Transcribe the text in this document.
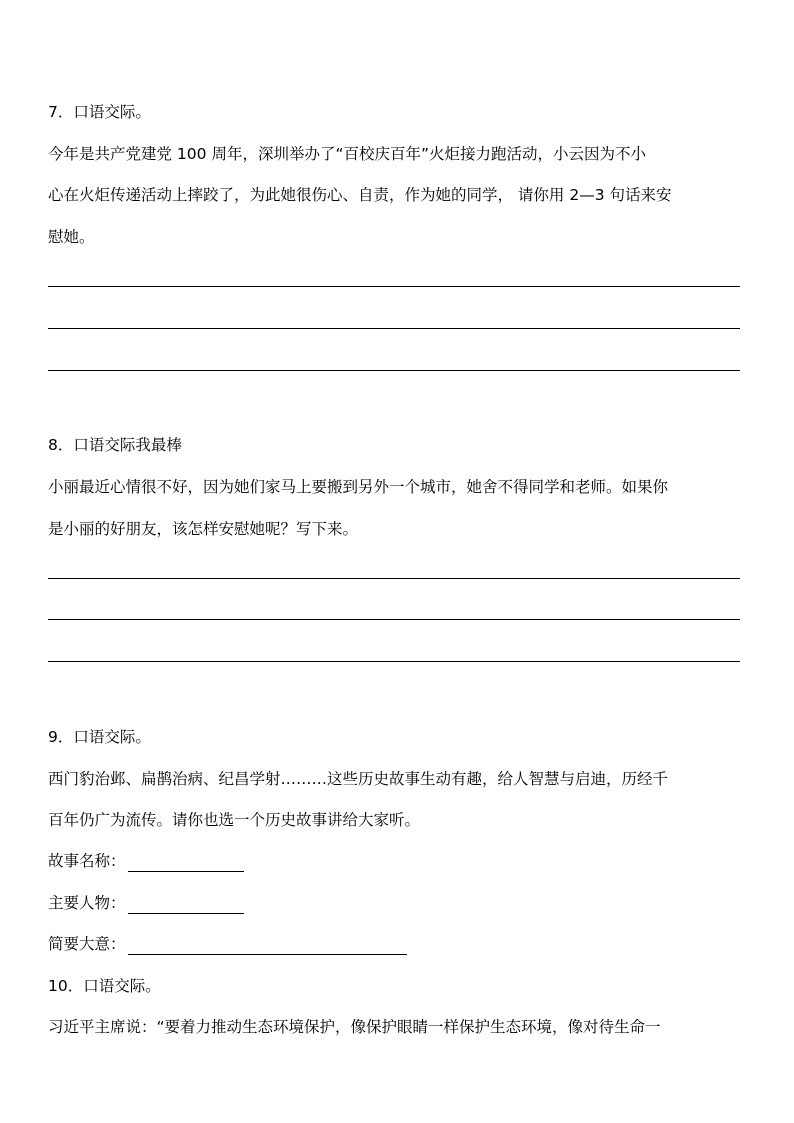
7．口语交际。
今年是共产党建党 100 周年，深圳举办了“百校庆百年”火炬接力跑活动，小云因为不小
心在火炬传递活动上摔跤了，为此她很伤心、自责，作为她的同学， 请你用 2—3 句话来安
慰她。
8．口语交际我最棒
小丽最近心情很不好，因为她们家马上要搬到另外一个城市，她舍不得同学和老师。如果你
是小丽的好朋友，该怎样安慰她呢？写下来。
9．口语交际。
西门豹治邺、扁鹊治病、纪昌学射………这些历史故事生动有趣，给人智慧与启迪，历经千
百年仍广为流传。请你也选一个历史故事讲给大家听。
故事名称：
主要人物：
简要大意：
10．口语交际。
习近平主席说：“要着力推动生态环境保护，像保护眼睛一样保护生态环境，像对待生命一
